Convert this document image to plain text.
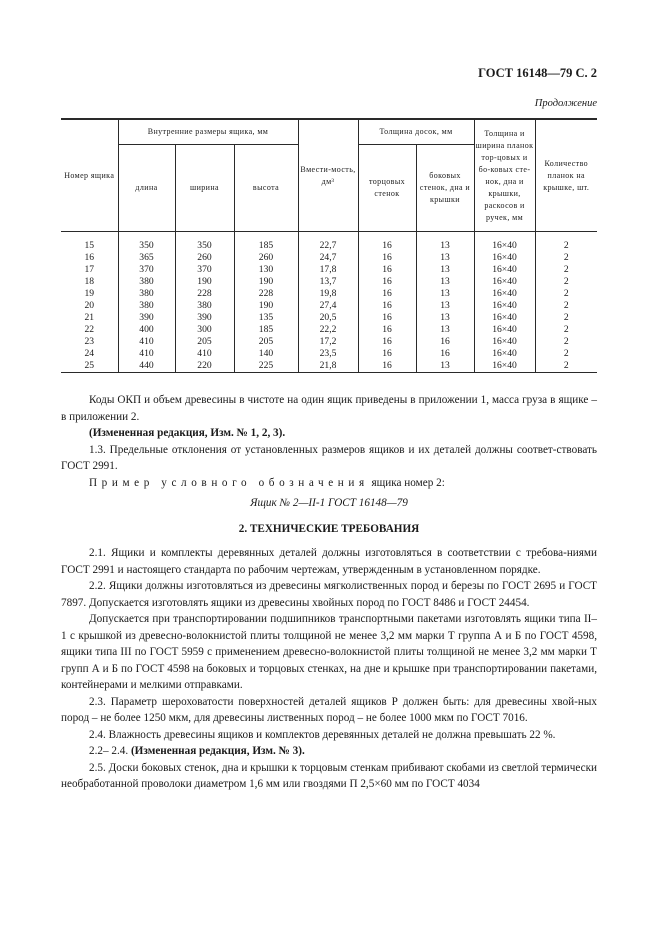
ГОСТ 16148—79 С. 2
Продолжение
Номер ящика	Внутренние размеры ящика, мм			Вмести-мость, дм³	Толщина досок, мм		Толщина и ширина планок тор-цовых и бо-ковых сте-нок, дна и крышки, раскосов и ручек, мм	Количество планок на крышке, шт.
	длина	ширина	высота		торцовых стенок	боковых стенок, дна и крышки		

15	350	350	185	22,7	16	13	16×40	2
16	365	260	260	24,7	16	13	16×40	2
17	370	370	130	17,8	16	13	16×40	2
18	380	190	190	13,7	16	13	16×40	2
19	380	228	228	19,8	16	13	16×40	2
20	380	380	190	27,4	16	13	16×40	2
21	390	390	135	20,5	16	13	16×40	2
22	400	300	185	22,2	16	13	16×40	2
23	410	205	205	17,2	16	16	16×40	2
24	410	410	140	23,5	16	16	16×40	2
25	440	220	225	21,8	16	13	16×40	2

Коды ОКП и объем древесины в чистоте на один ящик приведены в приложении 1, масса груза в ящике – в приложении 2.

(Измененная редакция, Изм. № 1, 2, 3).

1.3. Предельные отклонения от установленных размеров ящиков и их деталей должны соответ-ствовать ГОСТ 2991.

Пример условного обозначения ящика номер 2:

Ящик № 2—II-1 ГОСТ 16148—79

2. ТЕХНИЧЕСКИЕ ТРЕБОВАНИЯ

2.1. Ящики и комплекты деревянных деталей должны изготовляться в соответствии с требова-ниями ГОСТ 2991 и настоящего стандарта по рабочим чертежам, утвержденным в установленном порядке.

2.2. Ящики должны изготовляться из древесины мягколиственных пород и березы по ГОСТ 2695 и ГОСТ 7897. Допускается изготовлять ящики из древесины хвойных пород по ГОСТ 8486 и ГОСТ 24454.

Допускается при транспортировании подшипников транспортными пакетами изготовлять ящики типа II–1 с крышкой из древесно-волокнистой плиты толщиной не менее 3,2 мм марки Т группа А и Б по ГОСТ 4598, ящики типа III по ГОСТ 5959 с применением древесно-волокнистой плиты толщиной не менее 3,2 мм марки Т групп А и Б по ГОСТ 4598 на боковых и торцовых стенках, на дне и крышке при транспортировании пакетами, контейнерами и мелкими отправками.

2.3. Параметр шероховатости поверхностей деталей ящиков Р должен быть: для древесины хвой-ных пород – не более 1250 мкм, для древесины лиственных пород – не более 1000 мкм по ГОСТ 7016.

2.4. Влажность древесины ящиков и комплектов деревянных деталей не должна превышать 22 %.

2.2– 2.4. (Измененная редакция, Изм. № 3).

2.5. Доски боковых стенок, дна и крышки к торцовым стенкам прибивают скобами из светлой термически необработанной проволоки диаметром 1,6 мм или гвоздями П 2,5×60 мм по ГОСТ 4034
